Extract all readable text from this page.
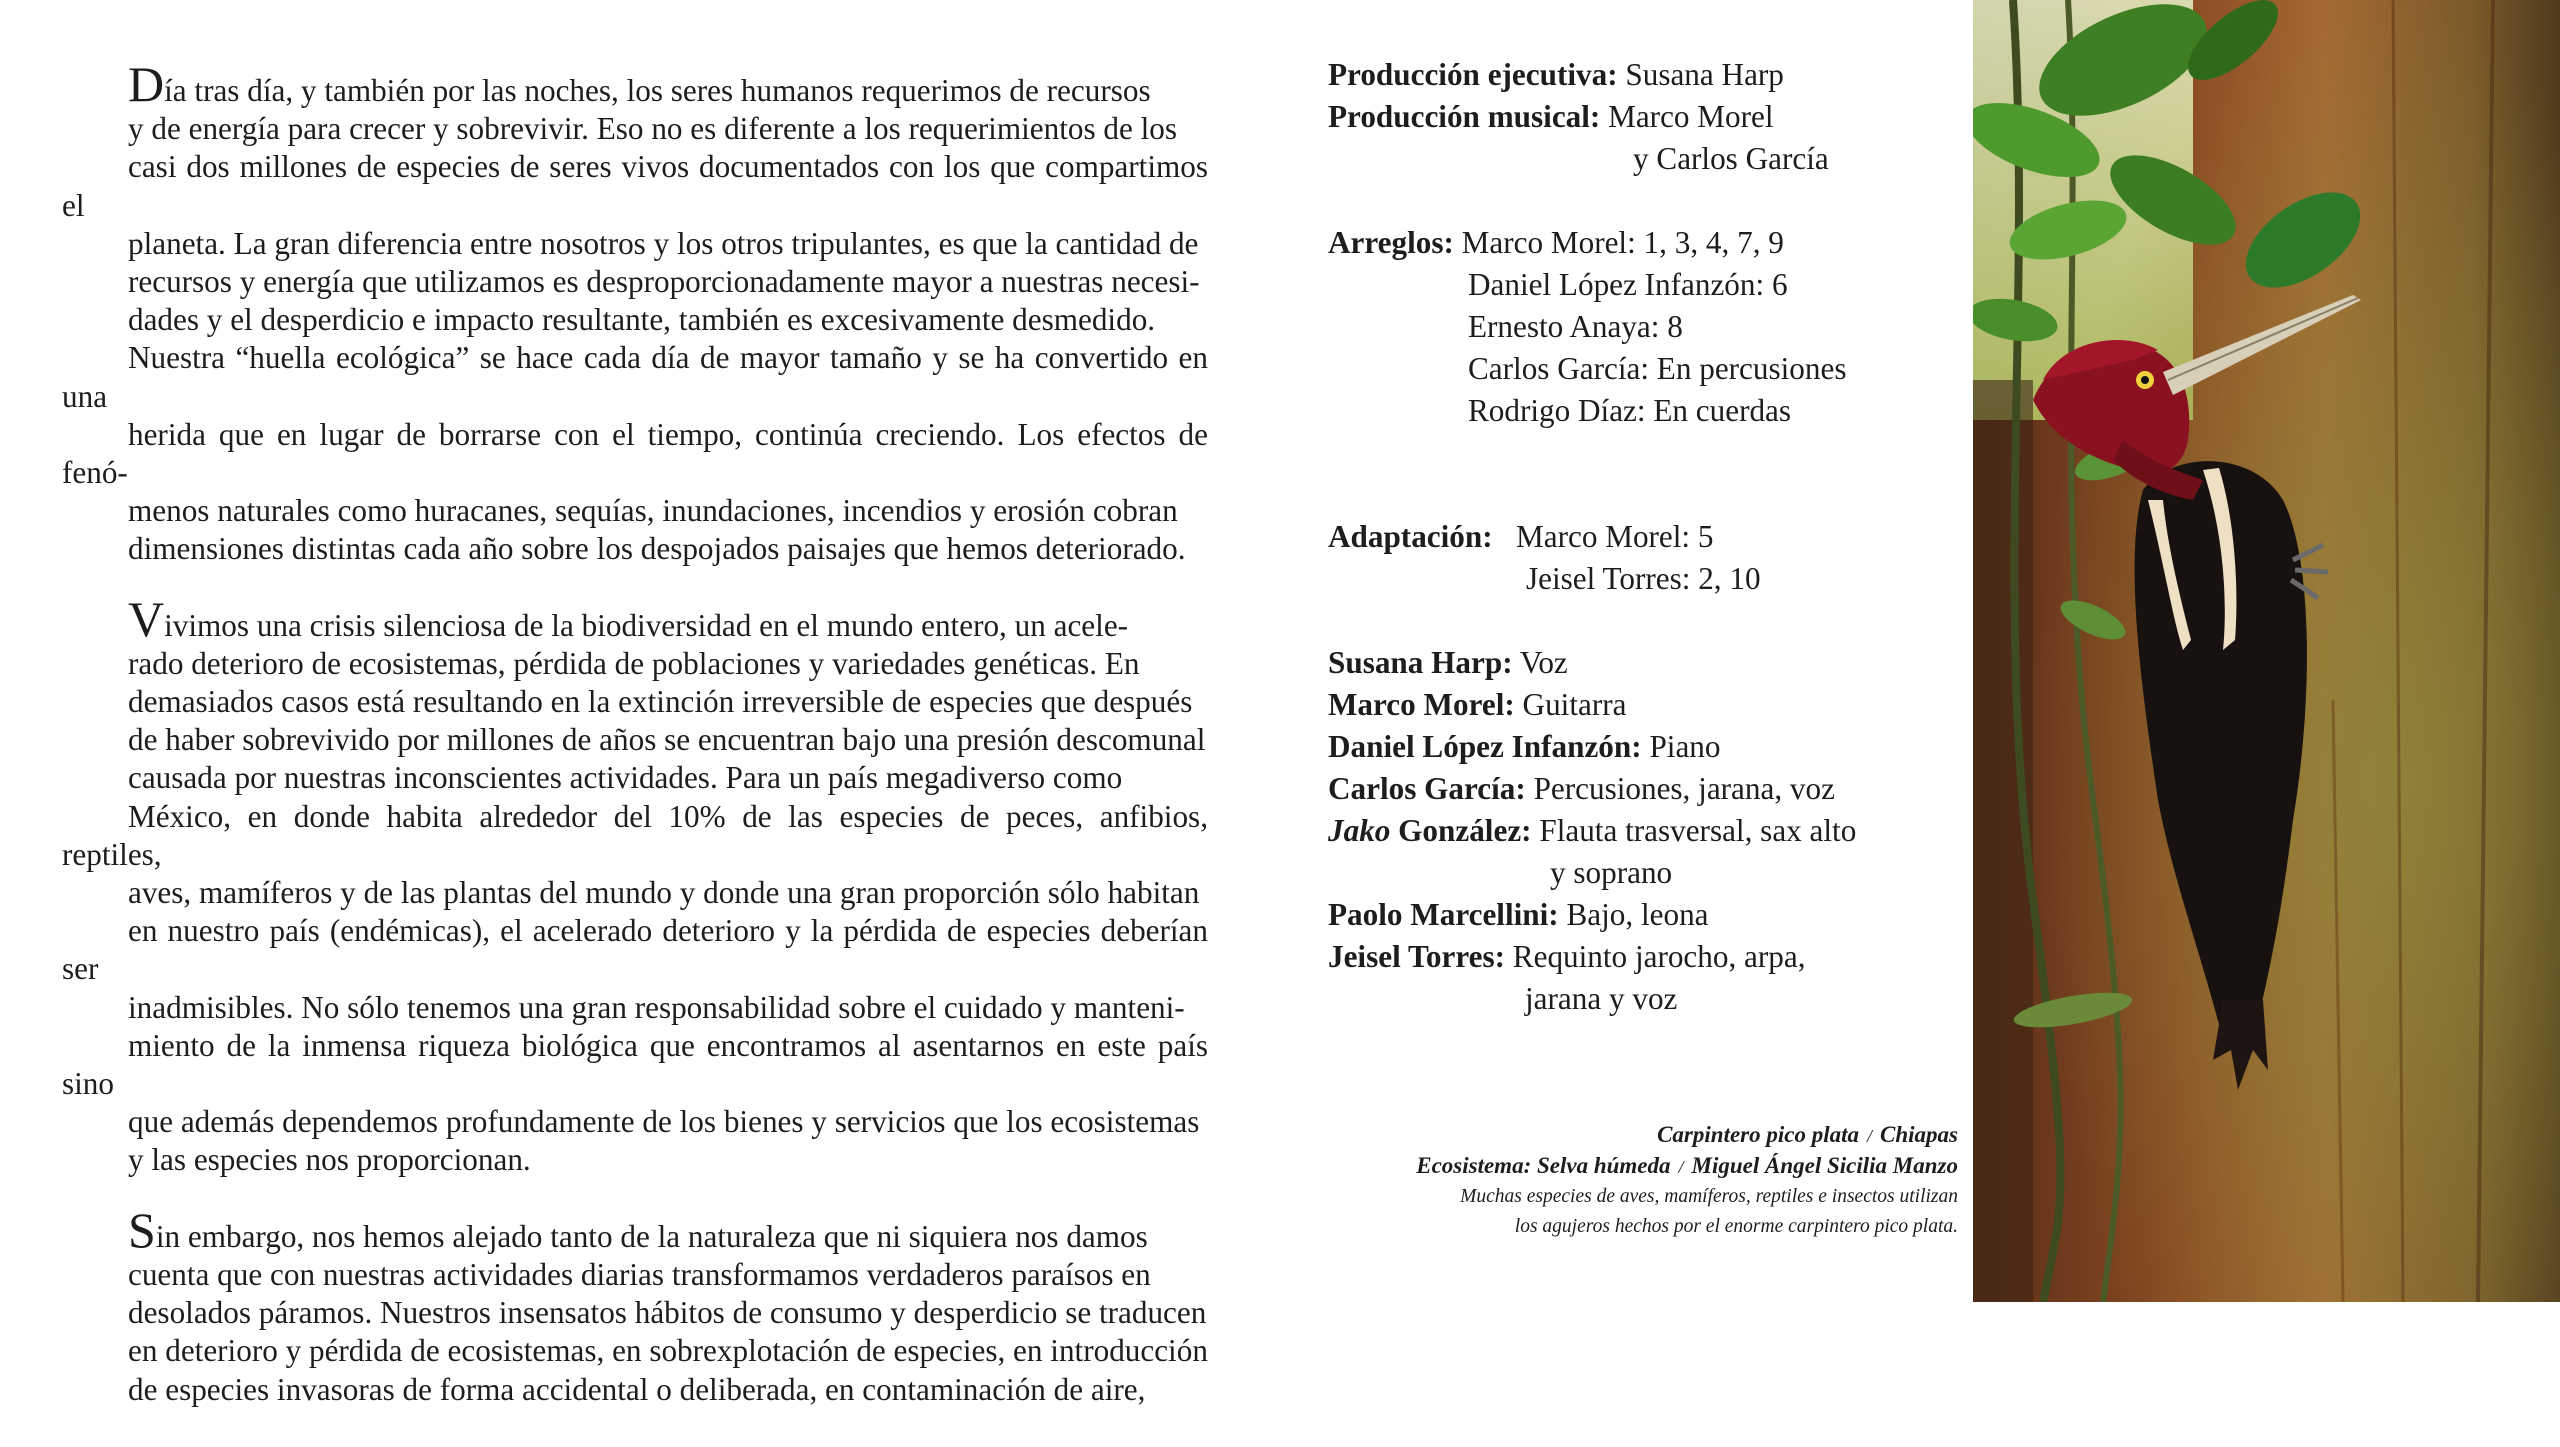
Día tras día, y también por las noches, los seres humanos requerimos de recursos
y de energía para crecer y sobrevivir. Eso no es diferente a los requerimientos de los
casi dos millones de especies de seres vivos documentados con los que compartimos el
planeta. La gran diferencia entre nosotros y los otros tripulantes, es que la cantidad de
recursos y energía que utilizamos es desproporcionadamente mayor a nuestras necesi-
dades y el desperdicio e impacto resultante, también es excesivamente desmedido.
Nuestra “huella ecológica” se hace cada día de mayor tamaño y se ha convertido en una
herida que en lugar de borrarse con el tiempo, continúa creciendo. Los efectos de fenó-
menos naturales como huracanes, sequías, inundaciones, incendios y erosión cobran
dimensiones distintas cada año sobre los despojados paisajes que hemos deteriorado.

Vivimos una crisis silenciosa de la biodiversidad en el mundo entero, un acele-
rado deterioro de ecosistemas, pérdida de poblaciones y variedades genéticas. En
demasiados casos está resultando en la extinción irreversible de especies que después
de haber sobrevivido por millones de años se encuentran bajo una presión descomunal
causada por nuestras inconscientes actividades. Para un país megadiverso como
México, en donde habita alrededor del 10% de las especies de peces, anfibios, reptiles,
aves, mamíferos y de las plantas del mundo y donde una gran proporción sólo habitan
en nuestro país (endémicas), el acelerado deterioro y la pérdida de especies deberían ser
inadmisibles. No sólo tenemos una gran responsabilidad sobre el cuidado y manteni-
miento de la inmensa riqueza biológica que encontramos al asentarnos en este país sino
que además dependemos profundamente de los bienes y servicios que los ecosistemas
y las especies nos proporcionan.

Sin embargo, nos hemos alejado tanto de la naturaleza que ni siquiera nos damos
cuenta que con nuestras actividades diarias transformamos verdaderos paraísos en
desolados páramos. Nuestros insensatos hábitos de consumo y desperdicio se traducen
en deterioro y pérdida de ecosistemas, en sobrexplotación de especies, en introducción
de especies invasoras de forma accidental o deliberada, en contaminación de aire,

Producción ejecutiva: Susana Harp
Producción musical: Marco Morel
y Carlos García
Arreglos: Marco Morel: 1, 3, 4, 7, 9
Daniel López Infanzón: 6
Ernesto Anaya: 8
Carlos García: En percusiones
Rodrigo Díaz: En cuerdas
Adaptación: Marco Morel: 5
Jeisel Torres: 2, 10
Susana Harp: Voz
Marco Morel: Guitarra
Daniel López Infanzón: Piano
Carlos García: Percusiones, jarana, voz
Jako González: Flauta trasversal, sax alto
y soprano
Paolo Marcellini: Bajo, leona
Jeisel Torres: Requinto jarocho, arpa,
jarana y voz
Carpintero pico plata / Chiapas
Ecosistema: Selva húmeda / Miguel Ángel Sicilia Manzo
Muchas especies de aves, mamíferos, reptiles e insectos utilizan
los agujeros hechos por el enorme carpintero pico plata.
